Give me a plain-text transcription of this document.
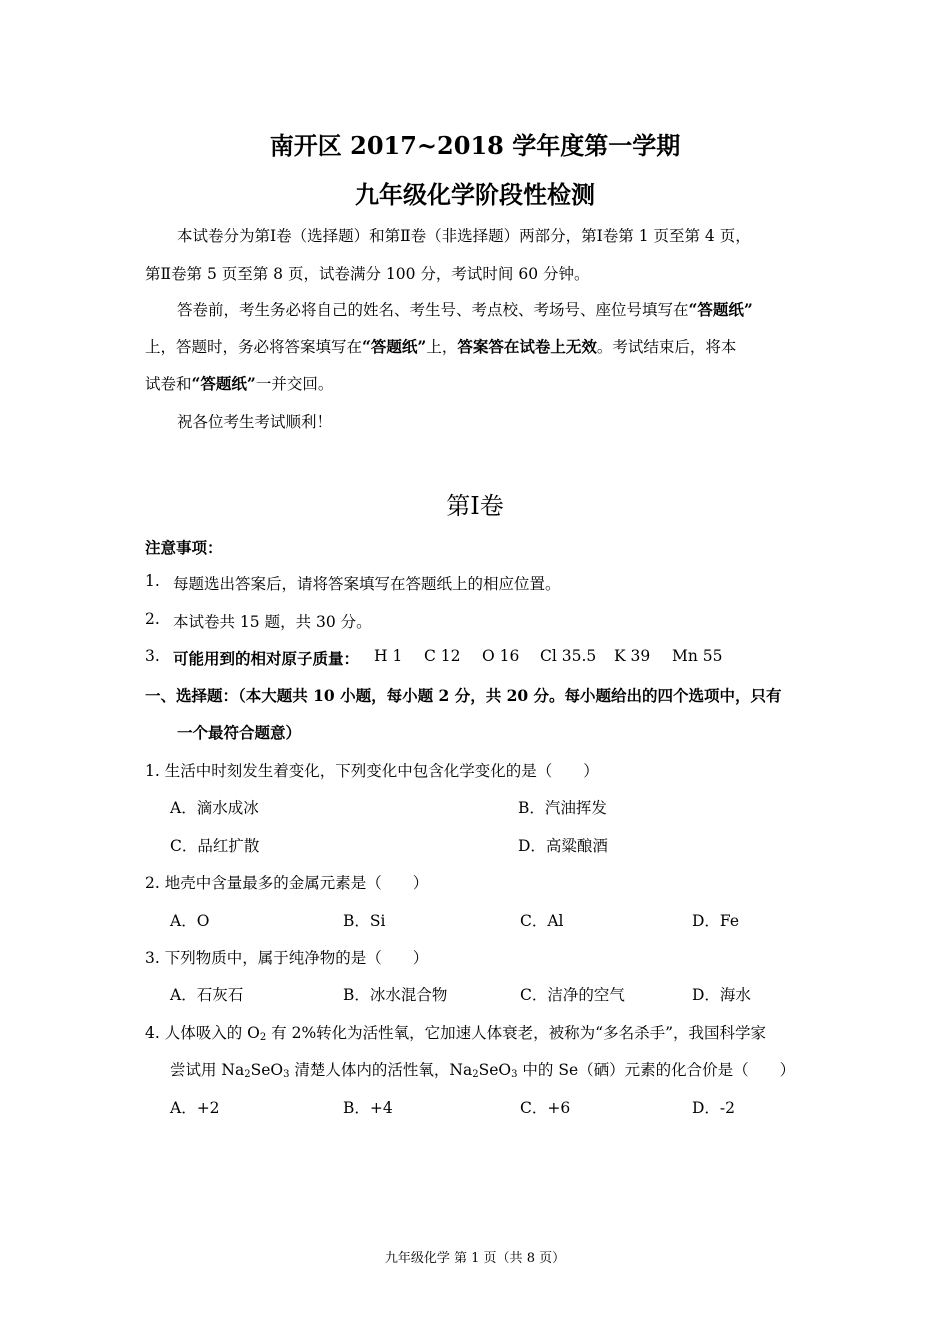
南开区 2017~2018 学年度第一学期
九年级化学阶段性检测
本试卷分为第Ⅰ卷（选择题）和第Ⅱ卷（非选择题）两部分，第Ⅰ卷第 1 页至第 4 页，
第Ⅱ卷第 5 页至第 8 页，试卷满分 100 分，考试时间 60 分钟。
答卷前，考生务必将自己的姓名、考生号、考点校、考场号、座位号填写在“答题纸”
上，答题时，务必将答案填写在“答题纸”上，答案答在试卷上无效。考试结束后，将本
试卷和“答题纸”一并交回。
祝各位考生考试顺利！
第Ⅰ卷
注意事项：
1. 每题选出答案后，请将答案填写在答题纸上的相应位置。
2. 本试卷共 15 题，共 30 分。
3. 可能用到的相对原子质量： H 1 C 12 O 16 Cl 35.5 K 39 Mn 55
一、选择题：（本大题共 10 小题，每小题 2 分，共 20 分。每小题给出的四个选项中，只有
一个最符合题意）
1. 生活中时刻发生着变化，下列变化中包含化学变化的是（　　）
A．滴水成冰	B．汽油挥发
C．品红扩散	D．高粱酿酒
2. 地壳中含量最多的金属元素是（　　）
A．O	B．Si	C．Al	D．Fe
3. 下列物质中，属于纯净物的是（　　）
A．石灰石	B．冰水混合物	C．洁净的空气	D．海水
4. 人体吸入的 $O_2$ 有 2%转化为活性氧，它加速人体衰老，被称为“多名杀手”，我国科学家
尝试用 $Na_2SeO_3$ 清楚人体内的活性氧，$Na_2SeO_3$ 中的 Se（硒）元素的化合价是（　　）
A．+2	B．+4	C．+6	D．-2
九年级化学 第 1 页（共 8 页）
